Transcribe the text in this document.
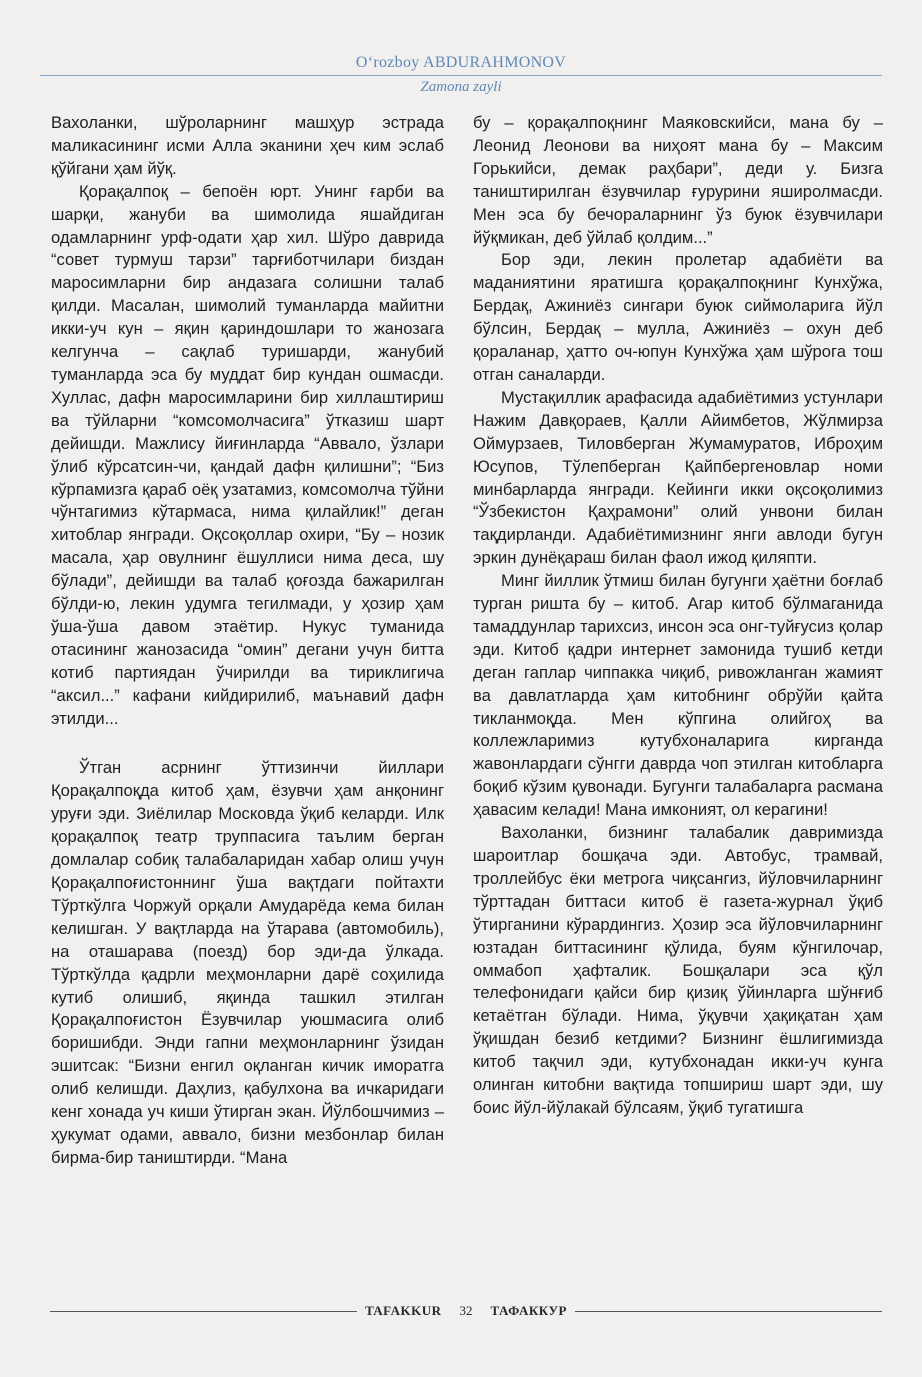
O‘rozboy ABDURAHMONOV
Zamona zayli

Вахоланки, шўроларнинг машҳур эстрада маликасининг исми Алла эканини ҳеч ким эслаб қўйгани ҳам йўқ.

Қорақалпоқ – бепоён юрт. Унинг ғарби ва шарқи, жануби ва шимолида яшайдиган одамларнинг урф-одати ҳар хил. Шўро даврида “совет турмуш тарзи” тарғиботчилари биздан маросимларни бир андазага солишни талаб қилди. Масалан, шимолий туманларда майитни икки-уч кун – яқин қариндошлари то жанозага келгунча – сақлаб туришарди, жанубий туманларда эса бу муддат бир кундан ошмасди. Хуллас, дафн маросимларини бир хиллаштириш ва тўйларни “комсомолчасига” ўтказиш шарт дейишди. Мажлису йиғинларда “Аввало, ўзлари ўлиб кўрсатсин-чи, қандай дафн қилишни”; “Биз кўрпамизга қараб оёқ узатамиз, комсомолча тўйни чўнтагимиз кўтармаса, нима қилайлик!” деган хитоблар янгради. Оқсоқоллар охири, “Бу – нозик масала, ҳар овулнинг ёшуллиси нима деса, шу бўлади”, дейишди ва талаб қоғозда бажарилган бўлди-ю, лекин удумга тегилмади, у ҳозир ҳам ўша-ўша давом этаётир. Нукус туманида отасининг жанозасида “омин” дегани учун битта котиб партиядан ўчирилди ва тириклигича “аксил...” кафани кийдирилиб, маънавий дафн этилди...

Ўтган асрнинг ўттизинчи йиллари Қорақалпоқда китоб ҳам, ёзувчи ҳам анқонинг уруғи эди. Зиёлилар Московда ўқиб келарди. Илк қорақалпоқ театр труппасига таълим берган домлалар собиқ талабаларидан хабар олиш учун Қорақалпоғистоннинг ўша вақтдаги пойтахти Тўрткўлга Чоржуй орқали Амударёда кема билан келишган. У вақтларда на ўтарава (автомобиль), на оташарава (поезд) бор эди-да ўлкада. Тўрткўлда қадрли меҳмонларни дарё соҳилида кутиб олишиб, яқинда ташкил этилган Қорақалпоғистон Ёзувчилар уюшмасига олиб боришибди. Энди гапни меҳмонларнинг ўзидан эшитсак: “Бизни енгил оқланган кичик иморатга олиб келишди. Даҳлиз, қабулхона ва ичкаридаги кенг хонада уч киши ўтирган экан. Йўлбошчимиз – ҳукумат одами, аввало, бизни мезбонлар билан бирма-бир таништирди. “Мана

бу – қорақалпоқнинг Маяковскийси, мана бу – Леонид Леонови ва ниҳоят мана бу – Максим Горькийси, демак раҳбари”, деди у. Бизга таништирилган ёзувчилар ғурурини яширолмасди. Мен эса бу бечораларнинг ўз буюк ёзувчилари йўқмикан, деб ўйлаб қолдим...”

Бор эди, лекин пролетар адабиёти ва маданиятини яратишга қорақалпоқнинг Кунхўжа, Бердақ, Ажиниёз сингари буюк сиймоларига йўл бўлсин, Бердақ – мулла, Ажиниёз – охун деб қораланар, ҳатто оч-юпун Кунхўжа ҳам шўрога тош отган саналарди.

Мустақиллик арафасида адабиётимиз устунлари Нажим Давқораев, Қалли Айимбетов, Жўлмирза Оймурзаев, Тиловберган Жумамуратов, Иброҳим Юсупов, Тўлепберган Қайпбергеновлар номи минбарларда янгради. Кейинги икки оқсоқолимиз “Ўзбекистон Қаҳрамони” олий унвони билан тақдирланди. Адабиётимизнинг янги авлоди бугун эркин дунёқараш билан фаол ижод қиляпти.

Минг йиллик ўтмиш билан бугунги ҳаётни боғлаб турган ришта бу – китоб. Агар китоб бўлмаганида тамаддунлар тарихсиз, инсон эса онг-туйғусиз қолар эди. Китоб қадри интернет замонида тушиб кетди деган гаплар чиппакка чиқиб, ривожланган жамият ва давлатларда ҳам китобнинг обрўйи қайта тикланмоқда. Мен кўпгина олийгоҳ ва коллежларимиз кутубхоналарига кирганда жавонлардаги сўнгги даврда чоп этилган китобларга боқиб кўзим қувонади. Бугунги талабаларга расмана ҳавасим келади! Мана имконият, ол керагини!

Вахоланки, бизнинг талабалик давримизда шароитлар бошқача эди. Автобус, трамвай, троллейбус ёки метрога чиқсангиз, йўловчиларнинг тўрттадан биттаси китоб ё газета-журнал ўқиб ўтирганини кўрардингиз. Ҳозир эса йўловчиларнинг юзтадан биттасининг қўлида, буям кўнгилочар, оммабоп ҳафталик. Бошқалари эса қўл телефонидаги қайси бир қизиқ ўйинларга шўнғиб кетаётган бўлади. Нима, ўқувчи ҳақиқатан ҳам ўқишдан безиб кетдими? Бизнинг ёшлигимизда китоб тақчил эди, кутубхонадан икки-уч кунга олинган китобни вақтида топшириш шарт эди, шу боис йўл-йўлакай бўлсаям, ўқиб тугатишга

TAFAKKUR	32	ТАФАККУР
